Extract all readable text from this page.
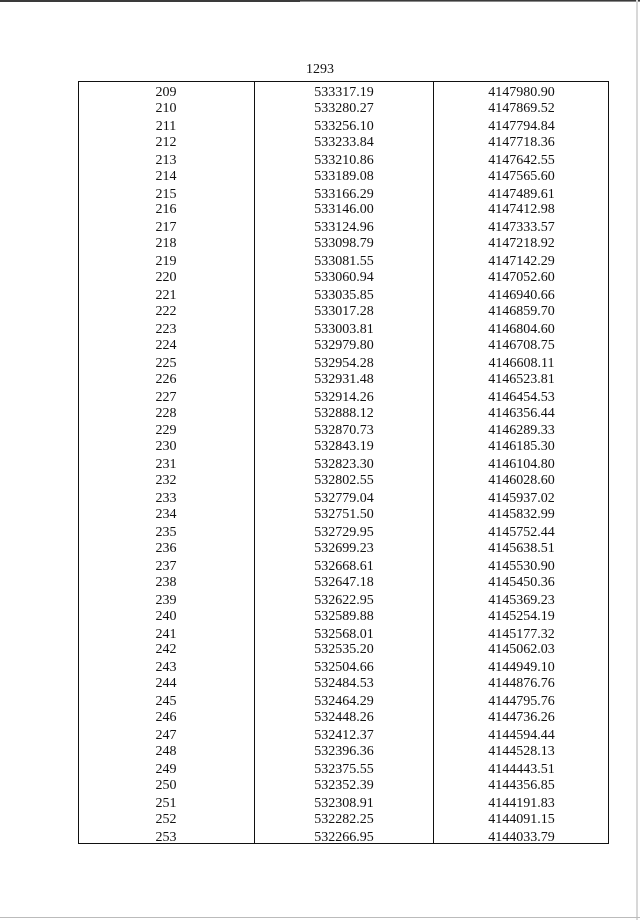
1293
209	533317.19	4147980.90
210	533280.27	4147869.52
211	533256.10	4147794.84
212	533233.84	4147718.36
213	533210.86	4147642.55
214	533189.08	4147565.60
215	533166.29	4147489.61
216	533146.00	4147412.98
217	533124.96	4147333.57
218	533098.79	4147218.92
219	533081.55	4147142.29
220	533060.94	4147052.60
221	533035.85	4146940.66
222	533017.28	4146859.70
223	533003.81	4146804.60
224	532979.80	4146708.75
225	532954.28	4146608.11
226	532931.48	4146523.81
227	532914.26	4146454.53
228	532888.12	4146356.44
229	532870.73	4146289.33
230	532843.19	4146185.30
231	532823.30	4146104.80
232	532802.55	4146028.60
233	532779.04	4145937.02
234	532751.50	4145832.99
235	532729.95	4145752.44
236	532699.23	4145638.51
237	532668.61	4145530.90
238	532647.18	4145450.36
239	532622.95	4145369.23
240	532589.88	4145254.19
241	532568.01	4145177.32
242	532535.20	4145062.03
243	532504.66	4144949.10
244	532484.53	4144876.76
245	532464.29	4144795.76
246	532448.26	4144736.26
247	532412.37	4144594.44
248	532396.36	4144528.13
249	532375.55	4144443.51
250	532352.39	4144356.85
251	532308.91	4144191.83
252	532282.25	4144091.15
253	532266.95	4144033.79
